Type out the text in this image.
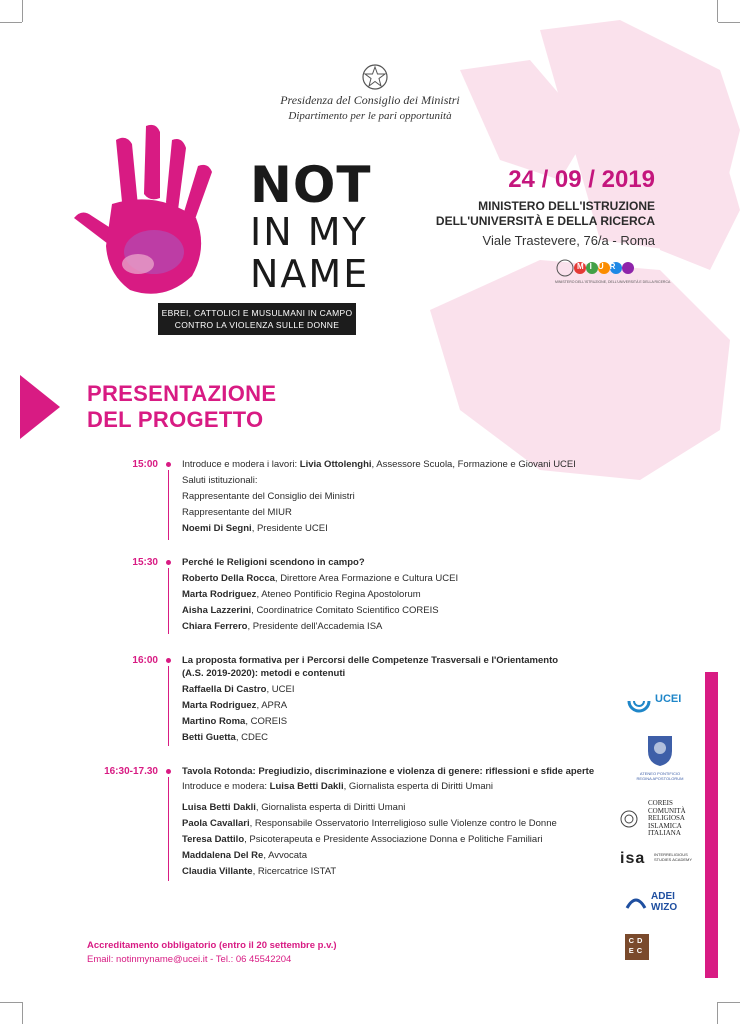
Presidenza del Consiglio dei Ministri
Dipartimento per le pari opportunità
NOT
IN MY
NAME
EBREI, CATTOLICI E MUSULMANI IN CAMPO
CONTRO LA VIOLENZA SULLE DONNE
24 / 09 / 2019
MINISTERO DELL'ISTRUZIONE
DELL'UNIVERSITÀ E DELLA RICERCA
Viale Trastevere, 76/a - Roma
MIUR
MINISTERO DELL'ISTRUZIONE, DELL'UNIVERSITÀ E DELLA RICERCA
PRESENTAZIONE
DEL PROGETTO
15:00	Introduce e modera i lavori: Livia Ottolenghi, Assessore Scuola, Formazione e Giovani UCEI
Saluti istituzionali:
Rappresentante del Consiglio dei Ministri
Rappresentante del MIUR
Noemi Di Segni, Presidente UCEI
15:30	Perché le Religioni scendono in campo?
Roberto Della Rocca, Direttore Area Formazione e Cultura UCEI
Marta Rodriguez, Ateneo Pontificio Regina Apostolorum
Aisha Lazzerini, Coordinatrice Comitato Scientifico COREIS
Chiara Ferrero, Presidente dell'Accademia ISA
16:00	La proposta formativa per i Percorsi delle Competenze Trasversali e l'Orientamento
(A.S. 2019-2020): metodi e contenuti
Raffaella Di Castro, UCEI
Marta Rodriguez, APRA
Martino Roma, COREIS
Betti Guetta, CDEC
16:30-17.30	Tavola Rotonda: Pregiudizio, discriminazione e violenza di genere: riflessioni e sfide aperte
Introduce e modera: Luisa Betti Dakli, Giornalista esperta di Diritti Umani
Luisa Betti Dakli, Giornalista esperta di Diritti Umani
Paola Cavallari, Responsabile Osservatorio Interreligioso sulle Violenze contro le Donne
Teresa Dattilo, Psicoterapeuta e Presidente Associazione Donna e Politiche Familiari
Maddalena Del Re, Avvocata
Claudia Villante, Ricercatrice ISTAT
UCEI
ATENEO PONTIFICIO REGINA APOSTOLORUM
COREIS
COMUNITÀ
RELIGIOSA
ISLAMICA
ITALIANA
isa INTERRELIGIOUS STUDIES ACADEMY
ADEI
WIZO
CDEC
Accreditamento obbligatorio (entro il 20 settembre p.v.)
Email: notinmyname@ucei.it - Tel.: 06 45542204
